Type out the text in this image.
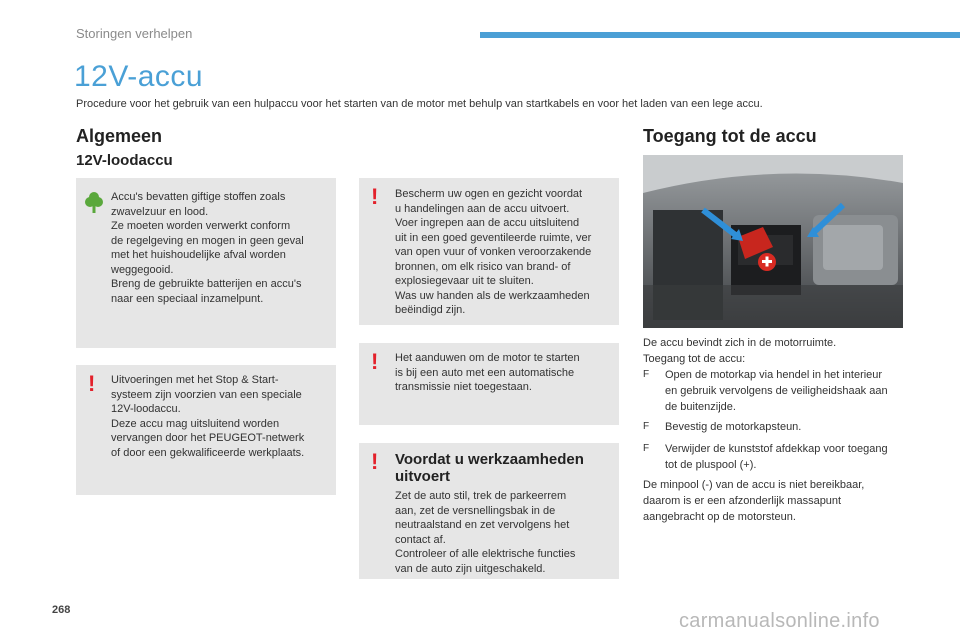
Storingen verhelpen
12V-accu

Procedure voor het gebruik van een hulpaccu voor het starten van de motor met behulp van startkabels en voor het laden van een lege accu.

Algemeen
12V-loodaccu
Accu's bevatten giftige stoffen zoals
zwavelzuur en lood.
Ze moeten worden verwerkt conform
de regelgeving en mogen in geen geval
met het huishoudelijke afval worden
weggegooid.
Breng de gebruikte batterijen en accu's
naar een speciaal inzamelpunt.
! Uitvoeringen met het Stop & Start-
systeem zijn voorzien van een speciale
12V-loodaccu.
Deze accu mag uitsluitend worden
vervangen door het PEUGEOT-netwerk
of door een gekwalificeerde werkplaats.
! Bescherm uw ogen en gezicht voordat
u handelingen aan de accu uitvoert.
Voer ingrepen aan de accu uitsluitend
uit in een goed geventileerde ruimte, ver
van open vuur of vonken veroorzakende
bronnen, om elk risico van brand- of
explosiegevaar uit te sluiten.
Was uw handen als de werkzaamheden
beëindigd zijn.
! Het aanduwen om de motor te starten
is bij een auto met een automatische
transmissie niet toegestaan.
! Voordat u werkzaamheden
uitvoert
Zet de auto stil, trek de parkeerrem
aan, zet de versnellingsbak in de
neutraalstand en zet vervolgens het
contact af.
Controleer of alle elektrische functies
van de auto zijn uitgeschakeld.
Toegang tot de accu

De accu bevindt zich in de motorruimte.

Toegang tot de accu:

F Open de motorkap via hendel in het interieur en gebruik vervolgens de veiligheidshaak aan de buitenzijde.
F Bevestig de motorkapsteun.
F Verwijder de kunststof afdekkap voor toegang tot de pluspool (+).

De minpool (-) van de accu is niet bereikbaar, daarom is er een afzonderlijk massapunt aangebracht op de motorsteun.

268	carmanualsonline.info
